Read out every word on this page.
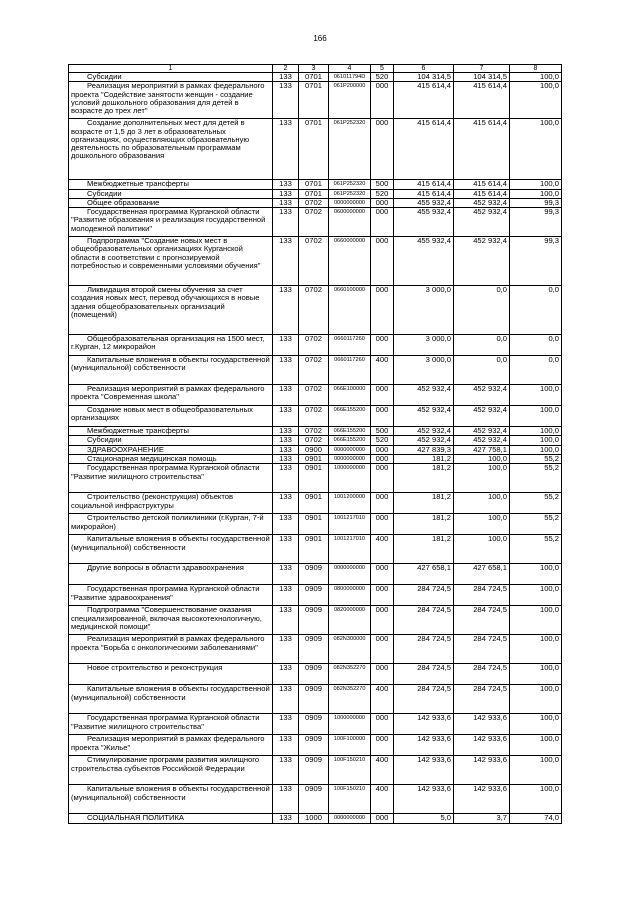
166
1	2	3	4	5	6	7	8
Субсидии	133	0701	061011794D	520	104 314,5	104 314,5	100,0
Реализация мероприятий в рамках федерального проекта "Содействие занятости женщин - создание условий дошкольного образования для детей в возрасте до трех лет"	133	0701	061P200000	000	415 614,4	415 614,4	100,0
Создание дополнительных мест для детей в возрасте от 1,5 до 3 лет в образовательных организациях, осуществляющих образовательную деятельность по образовательным программам дошкольного образования	133	0701	061P252320	000	415 614,4	415 614,4	100,0
Межбюджетные трансферты	133	0701	061P252320	500	415 614,4	415 614,4	100,0
Субсидии	133	0701	061P252320	520	415 614,4	415 614,4	100,0
Общее образование	133	0702	0000000000	000	455 932,4	452 932,4	99,3
Государственная программа Курганской области "Развитие образования и реализация государственной молодежной политики"	133	0702	0600000000	000	455 932,4	452 932,4	99,3
Подпрограмма "Создание новых мест в общеобразовательных организациях Курганской области в соответствии с прогнозируемой потребностью и современными условиями обучения"	133	0702	0660000000	000	455 932,4	452 932,4	99,3
Ликвидация второй смены обучения за счет создания новых мест, перевод обучающихся в новые здания общеобразовательных организаций (помещений)	133	0702	0660100000	000	3 000,0	0,0	0,0
Общеобразовательная организация на 1500 мест, г.Курган, 12 микрорайон	133	0702	0660117260	000	3 000,0	0,0	0,0
Капитальные вложения в объекты государственной (муниципальной) собственности	133	0702	0660117260	400	3 000,0	0,0	0,0
Реализация мероприятий в рамках федерального проекта "Современная школа"	133	0702	066E100000	000	452 932,4	452 932,4	100,0
Создание новых мест в общеобразовательных организациях	133	0702	066E155200	000	452 932,4	452 932,4	100,0
Межбюджетные трансферты	133	0702	066E155200	500	452 932,4	452 932,4	100,0
Субсидии	133	0702	066E155200	520	452 932,4	452 932,4	100,0
ЗДРАВООХРАНЕНИЕ	133	0900	0000000000	000	427 839,3	427 758,1	100,0
Стационарная медицинская помощь	133	0901	0000000000	000	181,2	100,0	55,2
Государственная программа Курганской области "Развитие жилищного строительства"	133	0901	1000000000	000	181,2	100,0	55,2
Строительство (реконструкция) объектов социальной инфраструктуры	133	0901	1001200000	000	181,2	100,0	55,2
Строительство детской поликлиники (г.Курган, 7-й микрорайон)	133	0901	1001217010	000	181,2	100,0	55,2
Капитальные вложения в объекты государственной (муниципальной) собственности	133	0901	1001217010	400	181,2	100,0	55,2
Другие вопросы в области здравоохранения	133	0909	0000000000	000	427 658,1	427 658,1	100,0
Государственная программа Курганской области "Развитие здравоохранения"	133	0909	0800000000	000	284 724,5	284 724,5	100,0
Подпрограмма "Совершенствование оказания специализированной, включая высокотехнологичную, медицинской помощи"	133	0909	0820000000	000	284 724,5	284 724,5	100,0
Реализация мероприятий в рамках федерального проекта "Борьба с онкологическими заболеваниями"	133	0909	082N300000	000	284 724,5	284 724,5	100,0
Новое строительство и реконструкция	133	0909	082N352270	000	284 724,5	284 724,5	100,0
Капитальные вложения в объекты государственной (муниципальной) собственности	133	0909	082N352270	400	284 724,5	284 724,5	100,0
Государственная программа Курганской области "Развитие жилищного строительства"	133	0909	1000000000	000	142 933,6	142 933,6	100,0
Реализация мероприятий в рамках федерального проекта "Жилье"	133	0909	100F100000	000	142 933,6	142 933,6	100,0
Стимулирование программ развития жилищного строительства субъектов Российской Федерации	133	0909	100F150210	400	142 933,6	142 933,6	100,0
Капитальные вложения в объекты государственной (муниципальной) собственности	133	0909	100F150210	400	142 933,6	142 933,6	100,0
СОЦИАЛЬНАЯ ПОЛИТИКА	133	1000	0000000000	000	5,0	3,7	74,0
